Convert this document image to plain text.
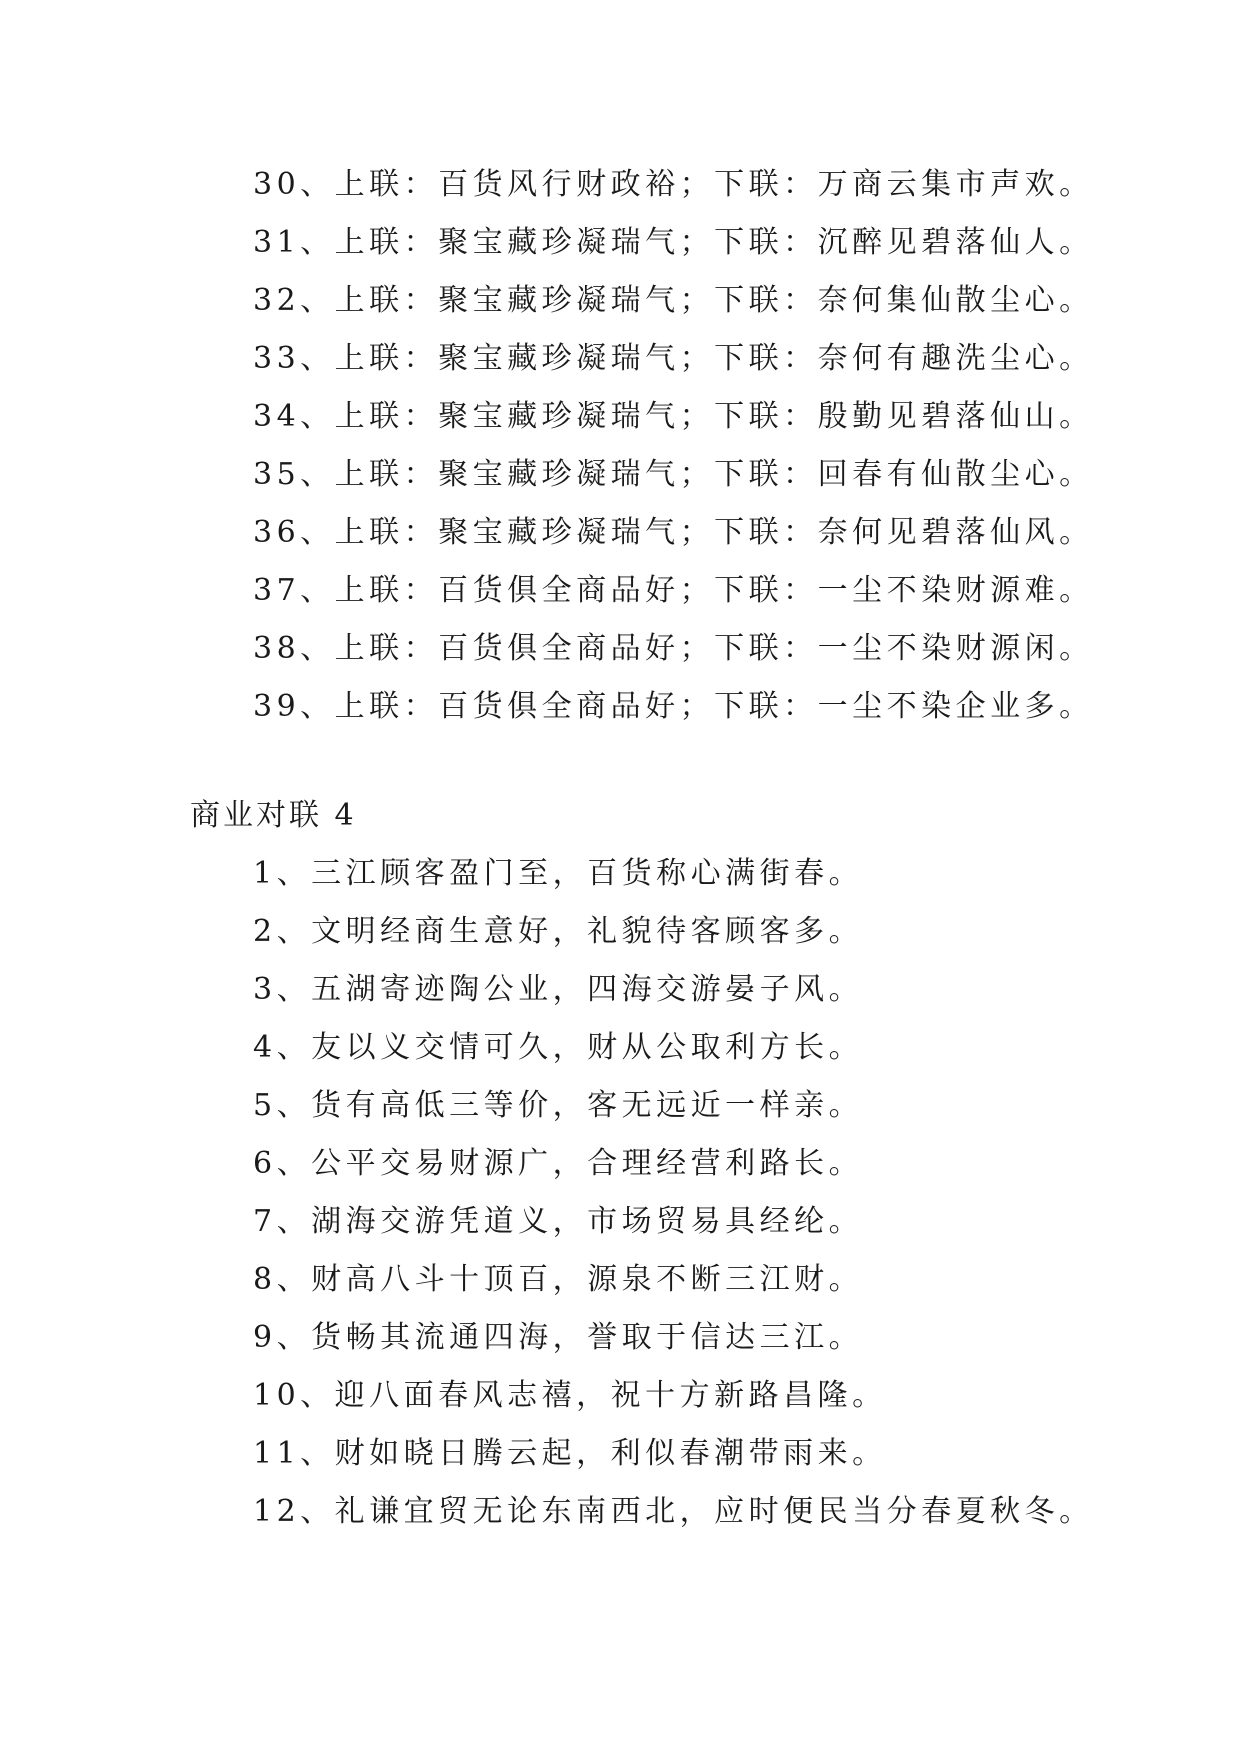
30、上联：百货风行财政裕；下联：万商云集市声欢。
31、上联：聚宝藏珍凝瑞气；下联：沉醉见碧落仙人。
32、上联：聚宝藏珍凝瑞气；下联：奈何集仙散尘心。
33、上联：聚宝藏珍凝瑞气；下联：奈何有趣洗尘心。
34、上联：聚宝藏珍凝瑞气；下联：殷勤见碧落仙山。
35、上联：聚宝藏珍凝瑞气；下联：回春有仙散尘心。
36、上联：聚宝藏珍凝瑞气；下联：奈何见碧落仙风。
37、上联：百货俱全商品好；下联：一尘不染财源难。
38、上联：百货俱全商品好；下联：一尘不染财源闲。
39、上联：百货俱全商品好；下联：一尘不染企业多。
商业对联 4
1、三江顾客盈门至，百货称心满街春。
2、文明经商生意好，礼貌待客顾客多。
3、五湖寄迹陶公业，四海交游晏子风。
4、友以义交情可久，财从公取利方长。
5、货有高低三等价，客无远近一样亲。
6、公平交易财源广，合理经营利路长。
7、湖海交游凭道义，市场贸易具经纶。
8、财高八斗十顶百，源泉不断三江财。
9、货畅其流通四海，誉取于信达三江。
10、迎八面春风志禧，祝十方新路昌隆。
11、财如晓日腾云起，利似春潮带雨来。
12、礼谦宜贸无论东南西北，应时便民当分春夏秋冬。
